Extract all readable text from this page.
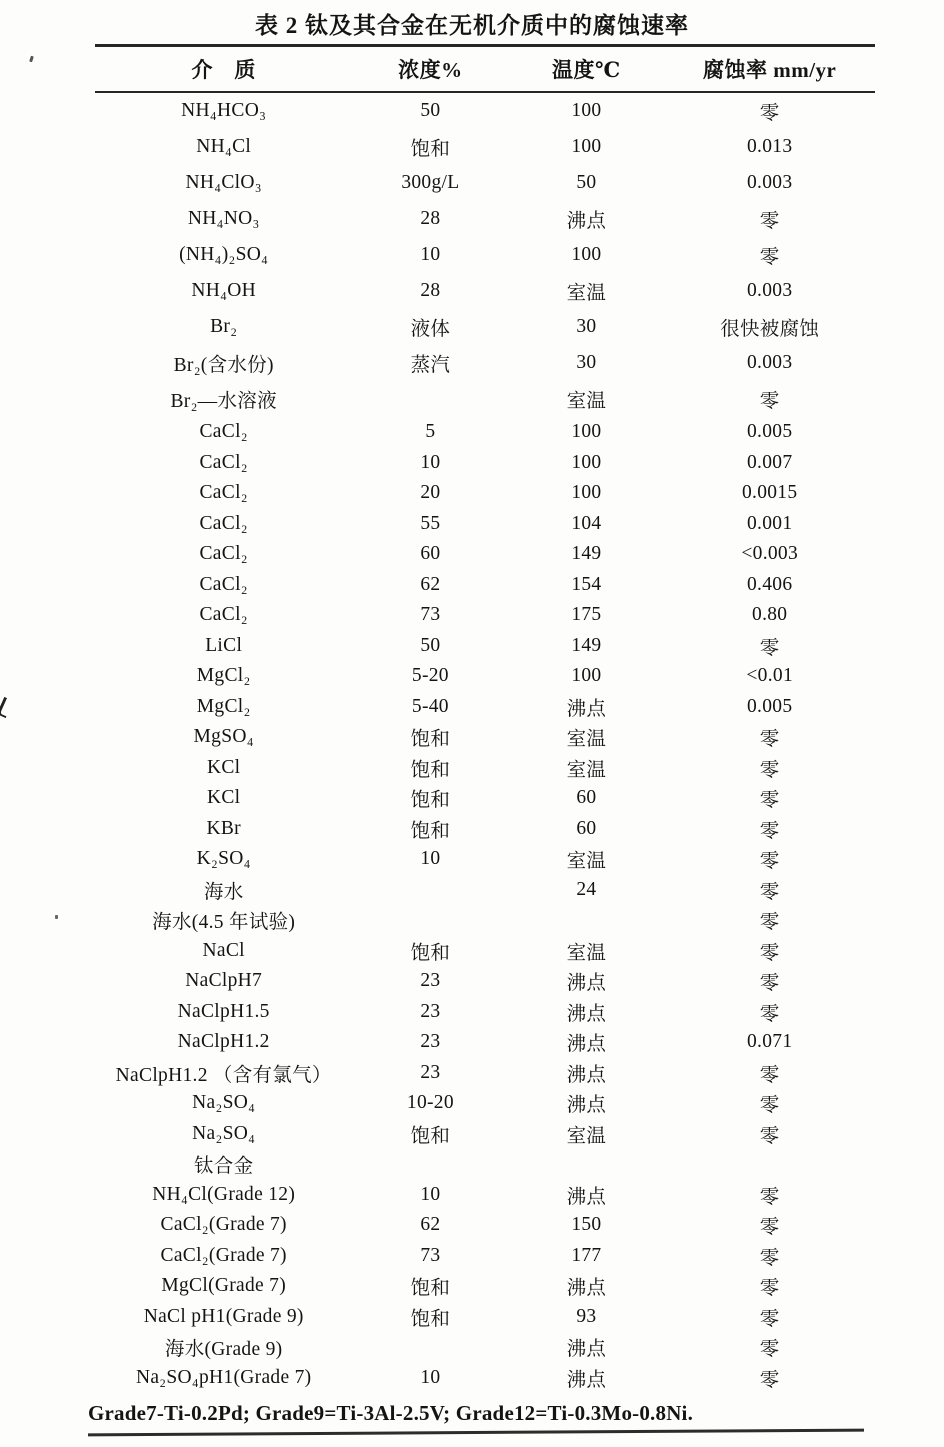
表 2 钛及其合金在无机介质中的腐蚀速率
介　质	浓度%	温度℃	腐蚀率 mm/yr
NH₄HCO₃	50	100	零
NH₄Cl	饱和	100	0.013
NH₄ClO₃	300g/L	50	0.003
NH₄NO₃	28	沸点	零
(NH₄)₂SO₄	10	100	零
NH₄OH	28	室温	0.003
Br₂	液体	30	很快被腐蚀
Br₂(含水份)	蒸汽	30	0.003
Br₂—水溶液		室温	零
CaCl₂	5	100	0.005
CaCl₂	10	100	0.007
CaCl₂	20	100	0.0015
CaCl₂	55	104	0.001
CaCl₂	60	149	<0.003
CaCl₂	62	154	0.406
CaCl₂	73	175	0.80
LiCl	50	149	零
MgCl₂	5-20	100	<0.01
MgCl₂	5-40	沸点	0.005
MgSO₄	饱和	室温	零
KCl	饱和	室温	零
KCl	饱和	60	零
KBr	饱和	60	零
K₂SO₄	10	室温	零
海水		24	零
海水(4.5 年试验)			零
NaCl	饱和	室温	零
NaClpH7	23	沸点	零
NaClpH1.5	23	沸点	零
NaClpH1.2	23	沸点	0.071
NaClpH1.2 （含有氯气）	23	沸点	零
Na₂SO₄	10-20	沸点	零
Na₂SO₄	饱和	室温	零
钛合金			
NH₄Cl(Grade 12)	10	沸点	零
CaCl₂(Grade 7)	62	150	零
CaCl₂(Grade 7)	73	177	零
MgCl(Grade 7)	饱和	沸点	零
NaCl pH1(Grade 9)	饱和	93	零
海水(Grade 9)		沸点	零
Na₂SO₄pH1(Grade 7)	10	沸点	零
Grade7-Ti-0.2Pd; Grade9=Ti-3Al-2.5V; Grade12=Ti-0.3Mo-0.8Ni.
